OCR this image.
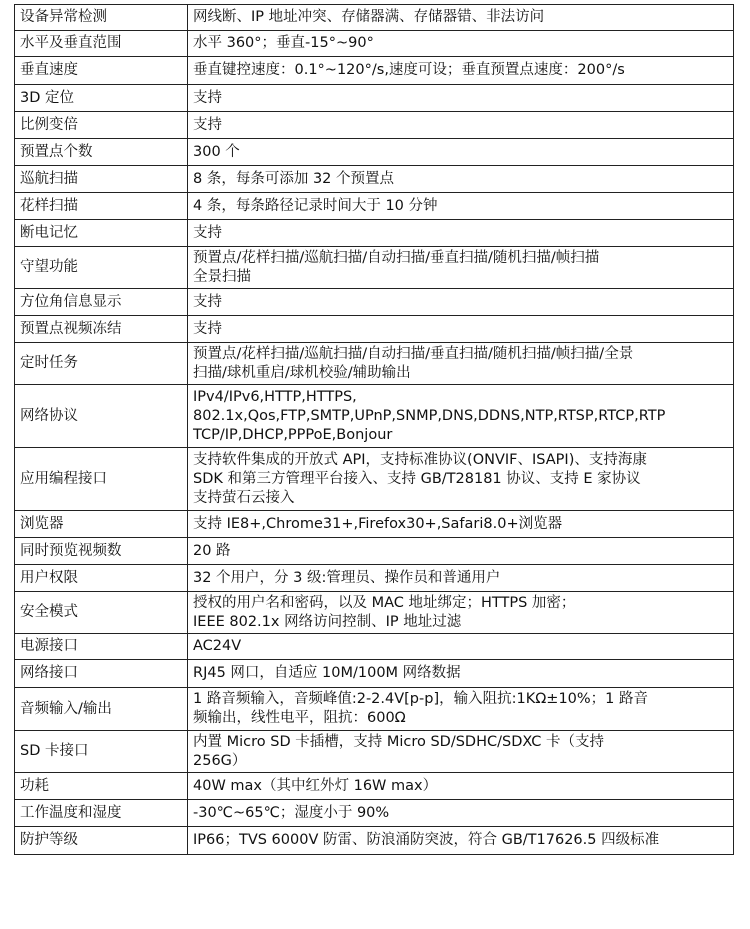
设备异常检测	网线断、IP 地址冲突、存储器满、存储器错、非法访问

水平及垂直范围	水平 360°；垂直-15°~90°

垂直速度	垂直键控速度：0.1°~120°/s,速度可设；垂直预置点速度：200°/s

3D 定位	支持

比例变倍	支持

预置点个数	300 个

巡航扫描	8 条，每条可添加 32 个预置点

花样扫描	4 条，每条路径记录时间大于 10 分钟

断电记忆	支持

守望功能	预置点/花样扫描/巡航扫描/自动扫描/垂直扫描/随机扫描/帧扫描
全景扫描

方位角信息显示	支持

预置点视频冻结	支持

定时任务	预置点/花样扫描/巡航扫描/自动扫描/垂直扫描/随机扫描/帧扫描/全景
扫描/球机重启/球机校验/辅助输出

网络协议	IPv4/IPv6,HTTP,HTTPS,
802.1x,Qos,FTP,SMTP,UPnP,SNMP,DNS,DDNS,NTP,RTSP,RTCP,RTP
TCP/IP,DHCP,PPPoE,Bonjour

应用编程接口	支持软件集成的开放式 API，支持标准协议(ONVIF、ISAPI)、支持海康
SDK 和第三方管理平台接入、支持 GB/T28181 协议、支持 E 家协议
支持萤石云接入

浏览器	支持 IE8+,Chrome31+,Firefox30+,Safari8.0+浏览器

同时预览视频数	20 路

用户权限	32 个用户，分 3 级:管理员、操作员和普通用户

安全模式	授权的用户名和密码，以及 MAC 地址绑定；HTTPS 加密；
IEEE 802.1x 网络访问控制、IP 地址过滤

电源接口	AC24V

网络接口	RJ45 网口，自适应 10M/100M 网络数据

音频输入/输出	1 路音频输入，音频峰值:2-2.4V[p-p]，输入阻抗:1KΩ±10%；1 路音
频输出，线性电平，阻抗：600Ω

SD 卡接口	内置 Micro SD 卡插槽，支持 Micro SD/SDHC/SDXC 卡（支持
256G）

功耗	40W max（其中红外灯 16W max）

工作温度和湿度	-30℃~65℃；湿度小于 90%

防护等级	IP66；TVS 6000V 防雷、防浪涌防突波，符合 GB/T17626.5 四级标准
